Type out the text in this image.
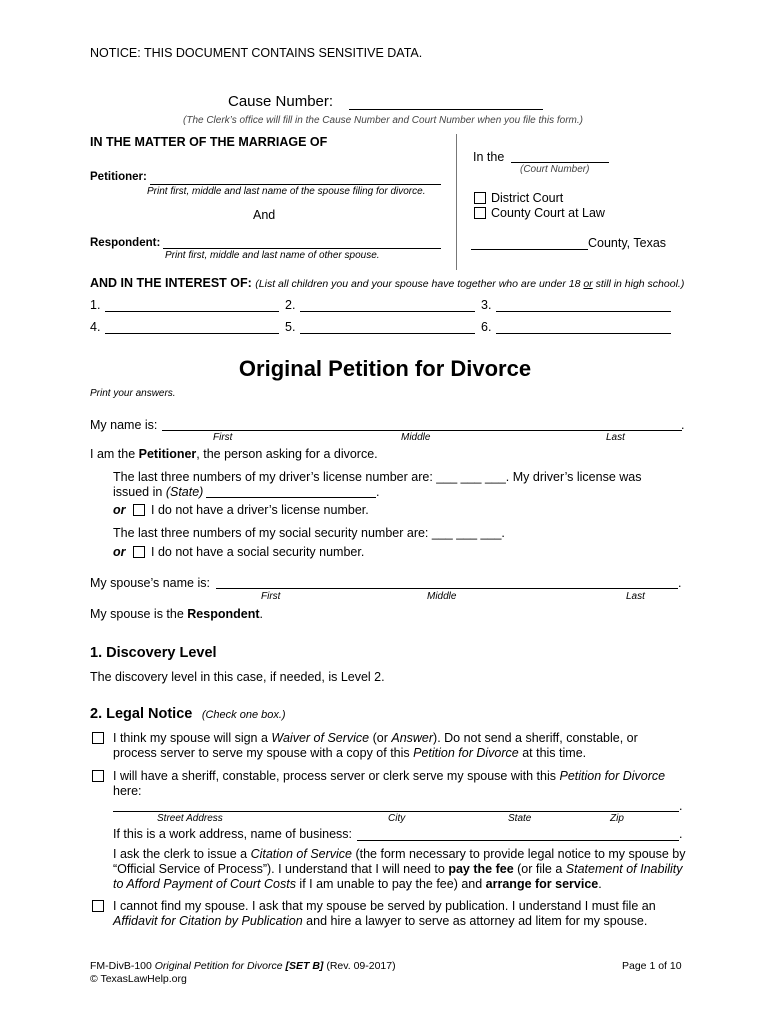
NOTICE: THIS DOCUMENT CONTAINS SENSITIVE DATA.
Cause Number:
(The Clerk’s office will fill in the Cause Number and Court Number when you file this form.)
IN THE MATTER OF THE MARRIAGE OF
Petitioner:
Print first, middle and last name of the spouse filing for divorce.
And
Respondent:
Print first, middle and last name of other spouse.
In the
(Court Number)
District Court
County Court at Law
County, Texas
AND IN THE INTEREST OF: (List all children you and your spouse have together who are under 18 or still in high school.)
1.	2.	3.
4.	5.	6.
Original Petition for Divorce
Print your answers.
My name is:	.
First	Middle	Last
I am the Petitioner, the person asking for a divorce.
The last three numbers of my driver’s license number are: ___ ___ ___. My driver’s license was
issued in (State)	.
or I do not have a driver’s license number.
The last three numbers of my social security number are: ___ ___ ___.
or I do not have a social security number.
My spouse’s name is:	.
First	Middle	Last
My spouse is the Respondent.
1. Discovery Level
The discovery level in this case, if needed, is Level 2.
2. Legal Notice (Check one box.)
I think my spouse will sign a Waiver of Service (or Answer). Do not send a sheriff, constable, or
process server to serve my spouse with a copy of this Petition for Divorce at this time.
I will have a sheriff, constable, process server or clerk serve my spouse with this Petition for Divorce
here:
.
Street Address	City	State	Zip
If this is a work address, name of business:	.
I ask the clerk to issue a Citation of Service (the form necessary to provide legal notice to my spouse by
“Official Service of Process”). I understand that I will need to pay the fee (or file a Statement of Inability
to Afford Payment of Court Costs if I am unable to pay the fee) and arrange for service.
I cannot find my spouse. I ask that my spouse be served by publication. I understand I must file an
Affidavit for Citation by Publication and hire a lawyer to serve as attorney ad litem for my spouse.
FM-DivB-100 Original Petition for Divorce [SET B] (Rev. 09-2017)
© TexasLawHelp.org
Page 1 of 10
